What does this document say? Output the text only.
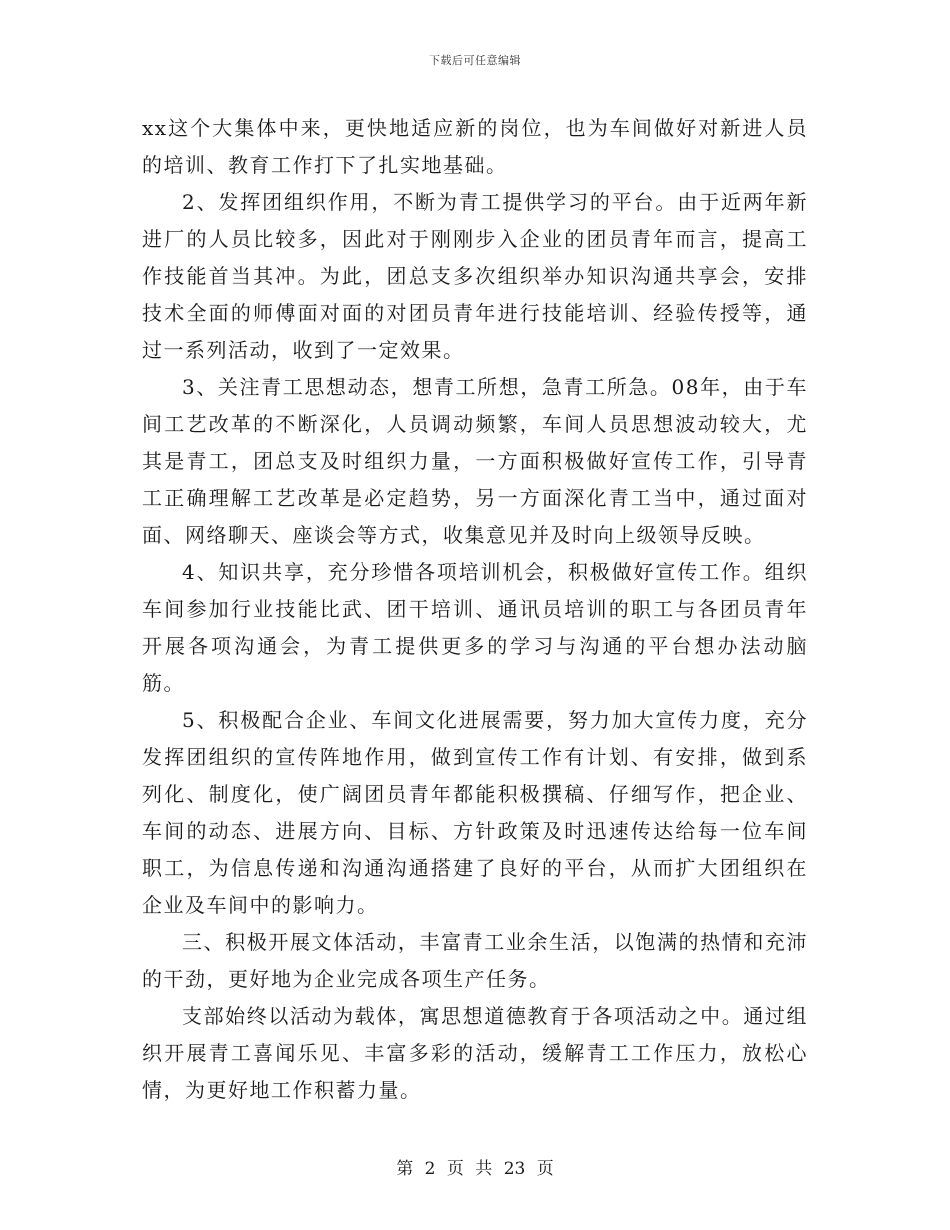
下载后可任意编辑

xx这个大集体中来，更快地适应新的岗位，也为车间做好对新进人员的培训、教育工作打下了扎实地基础。

2、发挥团组织作用，不断为青工提供学习的平台。由于近两年新进厂的人员比较多，因此对于刚刚步入企业的团员青年而言，提高工作技能首当其冲。为此，团总支多次组织举办知识沟通共享会，安排技术全面的师傅面对面的对团员青年进行技能培训、经验传授等，通过一系列活动，收到了一定效果。

3、关注青工思想动态，想青工所想，急青工所急。08年，由于车间工艺改革的不断深化，人员调动频繁，车间人员思想波动较大，尤其是青工，团总支及时组织力量，一方面积极做好宣传工作，引导青工正确理解工艺改革是必定趋势，另一方面深化青工当中，通过面对面、网络聊天、座谈会等方式，收集意见并及时向上级领导反映。

4、知识共享，充分珍惜各项培训机会，积极做好宣传工作。组织车间参加行业技能比武、团干培训、通讯员培训的职工与各团员青年开展各项沟通会，为青工提供更多的学习与沟通的平台想办法动脑筋。

5、积极配合企业、车间文化进展需要，努力加大宣传力度，充分发挥团组织的宣传阵地作用，做到宣传工作有计划、有安排，做到系列化、制度化，使广阔团员青年都能积极撰稿、仔细写作，把企业、车间的动态、进展方向、目标、方针政策及时迅速传达给每一位车间职工，为信息传递和沟通沟通搭建了良好的平台，从而扩大团组织在企业及车间中的影响力。

三、积极开展文体活动，丰富青工业余生活，以饱满的热情和充沛的干劲，更好地为企业完成各项生产任务。

支部始终以活动为载体，寓思想道德教育于各项活动之中。通过组织开展青工喜闻乐见、丰富多彩的活动，缓解青工工作压力，放松心情，为更好地工作积蓄力量。

第 2 页 共 23 页
